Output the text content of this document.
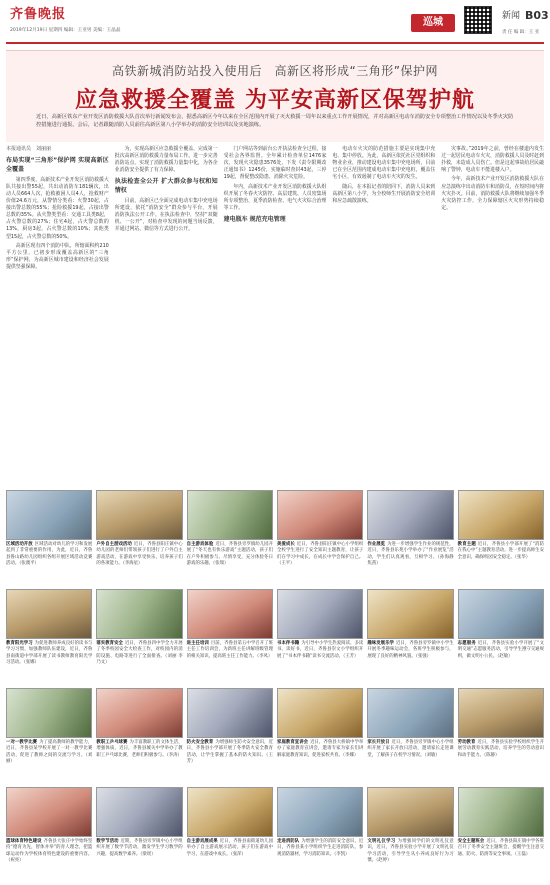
齐鲁晚报
2019年12月19日 星期四 编辑：王亚男 美编：王晶晶
巡城
新闻 B03
责 任 编 辑：王 亚
高铁新城消防站投入使用后　高新区将形成“三角形”保护网
应急救援全覆盖 为平安高新区保驾护航
近日，高新区铁东产业开发区消防救援大队首次举行新闻发布会，据悉高新区今年以来在全区范围内开展了灭火救援一周年以来重点工作开展情况，并对高新区电动车消防安全专项整治工作情况以及冬季火灾防控措施进行通报。会后，记者跟随消防人员前往高新区第八小学举办的消防安全培训以及实地演练。
本报通讯员　刘丽丽
布局实现“三角形”保护网 实现高新区全覆盖

第四季度，高新技术产业开发区消防救援大队共接出警55起，共出动消防车181辆次，出动人员664人次，抢救被困人员4人，抢救财产价值24.6万元，从警情分类看：火警30起，占接出警总数的55%；抢险救援19起，占接出警总数的35%。从火警类型看：交通工具类8起，占火警总数的27%；住宅4起，占火警总数的13%，厨房3起，占火警总数的10%；其他类型15起，占火警总数的50%。

高新区现有四个消防中队，所辖面积约210平方公里，已初步形成覆盖高新区的“三角形”保护网，为高新区城市建设和经济社会发展提供坚强保障。

为，实现高新区应急救援全覆盖，完成第一批次高新区消防救援力量布局工作。进一步完善消防站点，实现了消防救援力量集中化，为各企业消防安全提供了有力保障。

执法检查全公开 扩大群众参与权和知情权

目前，高新区已全面完成电动车集中充电场所建设，依托“消防安全”群众参与平台，开展消防执法公开工作。在执法检查中，坚持“双随机、一公开”，对检查中发现的问题当场反馈，并通过网站、微信等方式进行公开。

门户网站等到前台公开执法检查全过程，接受社会各界监督。全年累计检查单位1476家次，发现火灾隐患3576处，下发《责令限期改正通知书》1245份，实施临时查封43起，三停 19起，督促整改隐患，消除火灾危险。

年内，高新技术产业开发区消防救援大队组织开展了冬春火灾防控、高层建筑、人员密集场所专项整治，夏季消防检查、电气火灾综合治理等工作。

建电瓶车 规范充电管理

电动车火灾的防范措施主要是实现集中充电、集中停放。为此，高新区依托社区党组织和物业企业，推动建设电动车集中充电场所，目前已在全区范围内建成电动车集中充电桩，覆盖住宅小区，有效遏制了电动车火灾的发生。

随后，在本报记者的陪同下，消防人员来到高新区第八小学，为全校师生开展消防安全培训和应急疏散演练。

灾事故。”2019年之前，曾经在楼道内发生过一起居民电动车火灾，消防救援人员及时赶到扑救，未造成人员伤亡。但是这起事故给居民敲响了警钟，电动车不能进楼入户。

今年，高新技术产业开发区消防救援大队在应急演练中出动消防车和消防员，在短时间内将火灾扑灭。目前，消防救援大队将继续加强冬季火灾防控工作，全力保障辖区火灾形势持续稳定。

区域活动开放 区域活动对幼儿的学习和发展起到了非常重要的作用，为此，近日，齐鲁县鲁山路幼儿园组织各组开展区域活动竞赛活动。（张澳平）
户外自主游戏活动 近日，齐鲁县阳庄镇中心幼儿园的老师们带领孩子们进行了户外自主游戏活动，在游戏中享受快乐，培养孩子们的各项能力。（李海星）
自主游戏体验 近日，齐鲁县旁罗镇幼儿园开展了“冬天也有快乐游戏”主题活动，孩子们在户外积极参与、尽情享受，充分体验冬日游戏的乐趣。（张瑞）
美爱成长 近日，齐鲁县阳庄镇中心小学组织全校学生进行了安全知识主题教育，让孩子们在学习中成长，在成长中学会保护自己。（王平）
作业展览 为进一步增强学生作业的规范性，近日，齐鲁县乐苑小学举办了“作业展览”活动，学生们认真观看，互相学习。（孙海静　焦茜）
教育主题 近日，齐鲁县小学部开展了“消防在我心中”主题教育活动，进一步提高师生安全意识，确保校园安全稳定。（张华）
教育阳光学习 为促进教师养成良好的读书与学习习惯，加强教师队伍建设，近日，齐鲁县南街道中学部开展了读书教师教育阳光学习活动。（张娜）
落实教育安全 近日，齐鲁县四中学全力开展了冬季校园安全大检查工作，对校园内的消防设施、电路等进行了全面排查。（刘丽 李乃文）
进主任培训 目前，齐鲁县第五中学召开了班主任工作培训会，为新班主任讲解班级管理的相关知识，提高班主任工作能力。（李凤）
书本伴书籍 为引导中小学生热爱阅读、多读书、读好书，近日，齐鲁县崇文小学组织开展了“书本伴书籍”读书交流活动。（王芳）
趣味发展乐学 近日，齐鲁县旁罗镇中小学生开展冬季趣味运动会，各班学生积极参与，展现了良好的精神风貌。（张强）
志愿服务 近日，齐鲁县实验小学开展了“文明交通”志愿服务活动，引导学生遵守交通规则，做文明小公民。（赵敏）
一对一教学比赛 为了提高教师的教学能力，近日，齐鲁县某学校开展了一对一教学比赛活动，促进了教师之间的交流与学习。（刘丽）
教职工乒乓球赛 为丰富教职工的文体生活，增强体质，近日，齐鲁县城关中学举办了教职工乒乓球比赛，老师们积极参与。（李涛）
防火安全教育 为增强师生防火安全意识，近日，齐鲁县小学部开展了冬季防火安全教育活动，让学生掌握了基本的防火知识。（王芳）
家庭教育宣讲会 近日，齐鲁县大桥镇中学举办了家庭教育宣讲会，邀请专家为家长们讲解家庭教育知识，促进家校共育。（李娜）
家长开放日 近日，齐鲁县旁罗镇中心小学组织开展了家长开放日活动，邀请家长走进课堂，了解孩子在校学习情况。（刘敏）
劳动教育 近日，齐鲁县实验学校组织学生开展劳动教育实践活动，培养学生的劳动意识和动手能力。（陈静）
篮球体育特色建设 齐鲁县大张庄中学始终坚持“德育为先，智体并举”的育人理念，把篮球运动作为学校体育特色建设的重要内容。（祝亮）
数学节活动 近期，齐鲁县旁罗镇中心小学组织开展了数学节活动，激发学生学习数学的兴趣，提高数学素养。（梁瑶）
自主游戏展成果 近日，齐鲁县南街道幼儿园举办了自主游戏展示活动，孩子们在游戏中学习，在游戏中成长。（张萍）
走进消防队 为增强学生的消防安全意识，近日，齐鲁县某小学组织学生走进消防队，参观消防器材，学习消防知识。（李凯）
文明礼仪学习 为增强同学们的文明礼仪意识，近日，齐鲁县实验小学开展了文明礼仪学习活动，引导学生从小养成良好行为习惯。（赵婷）
安全主题班会 近日，齐鲁县阳庄镇中学各班召开了冬季安全主题班会，提醒学生注意交通、防火、防滑等安全事项。（王磊）
